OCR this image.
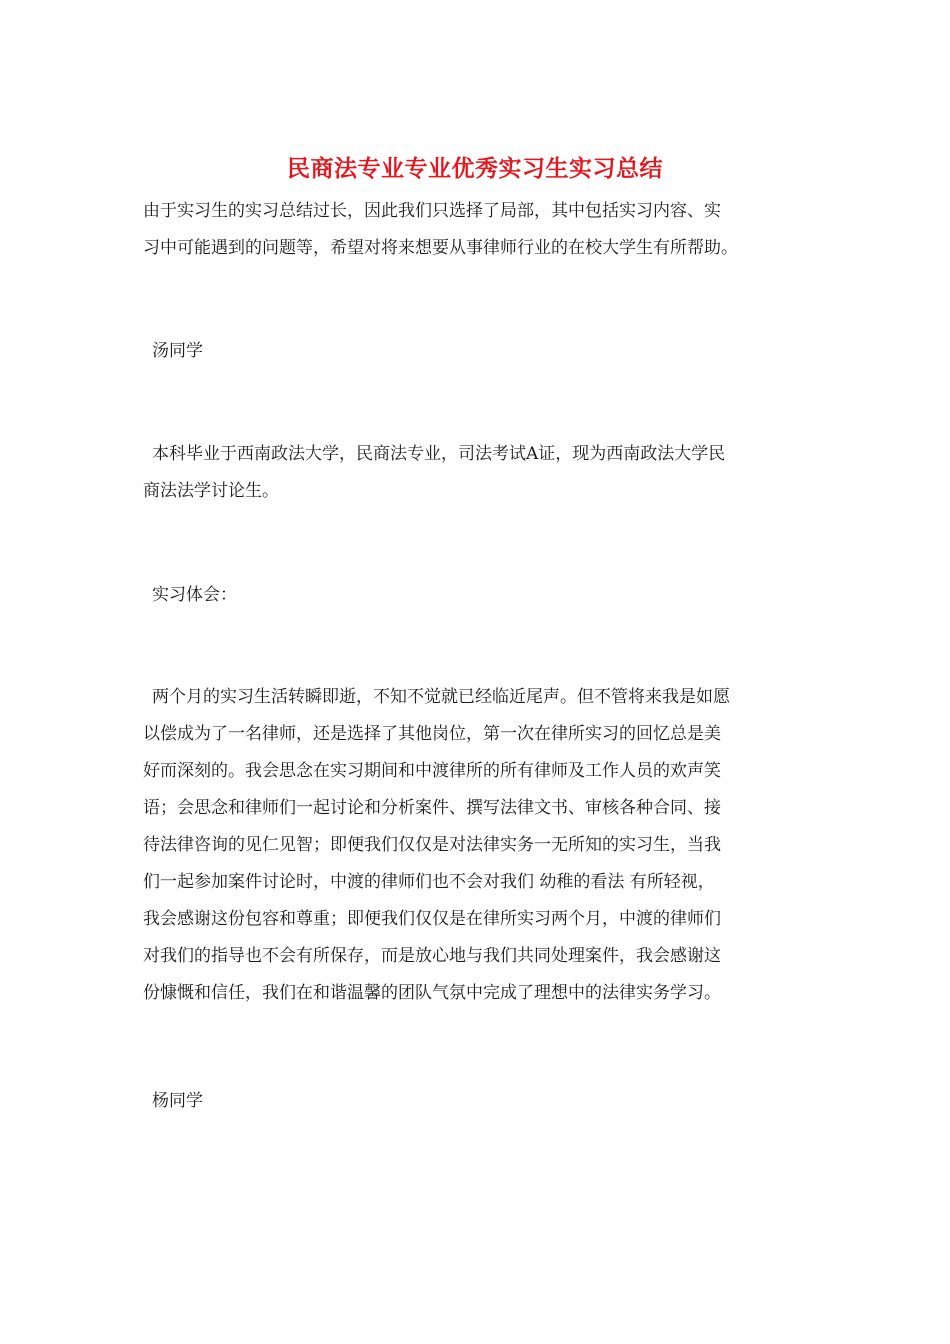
民商法专业专业优秀实习生实习总结
由于实习生的实习总结过长，因此我们只选择了局部，其中包括实习内容、实
习中可能遇到的问题等，希望对将来想要从事律师行业的在校大学生有所帮助。
汤同学
本科毕业于西南政法大学，民商法专业，司法考试A证，现为西南政法大学民
商法法学讨论生。
实习体会：
两个月的实习生活转瞬即逝，不知不觉就已经临近尾声。但不管将来我是如愿
以偿成为了一名律师，还是选择了其他岗位，第一次在律所实习的回忆总是美
好而深刻的。我会思念在实习期间和中渡律所的所有律师及工作人员的欢声笑
语；会思念和律师们一起讨论和分析案件、撰写法律文书、审核各种合同、接
待法律咨询的见仁见智；即便我们仅仅是对法律实务一无所知的实习生，当我
们一起参加案件讨论时，中渡的律师们也不会对我们 幼稚的看法 有所轻视，
我会感谢这份包容和尊重；即便我们仅仅是在律所实习两个月，中渡的律师们
对我们的指导也不会有所保存，而是放心地与我们共同处理案件，我会感谢这
份慷慨和信任，我们在和谐温馨的团队气氛中完成了理想中的法律实务学习。
杨同学
